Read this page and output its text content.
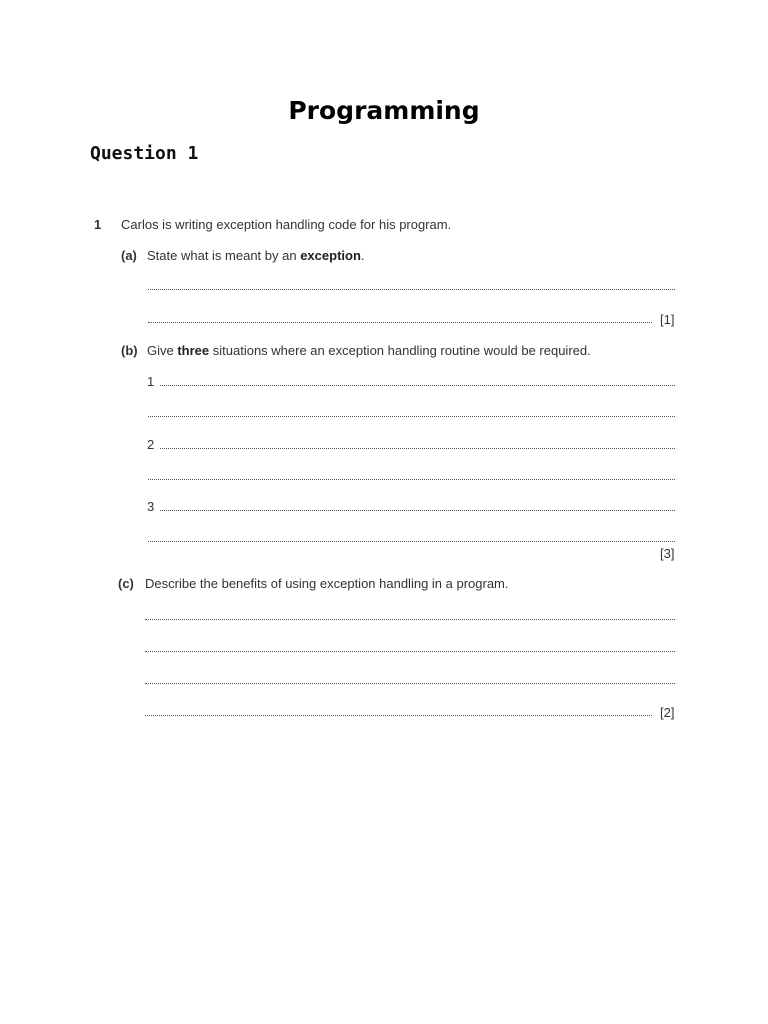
Programming
Question 1
1 Carlos is writing exception handling code for his program.
(a) State what is meant by an exception.
[1]
(b) Give three situations where an exception handling routine would be required.
1
2
3
[3]
(c) Describe the benefits of using exception handling in a program.
[2]
